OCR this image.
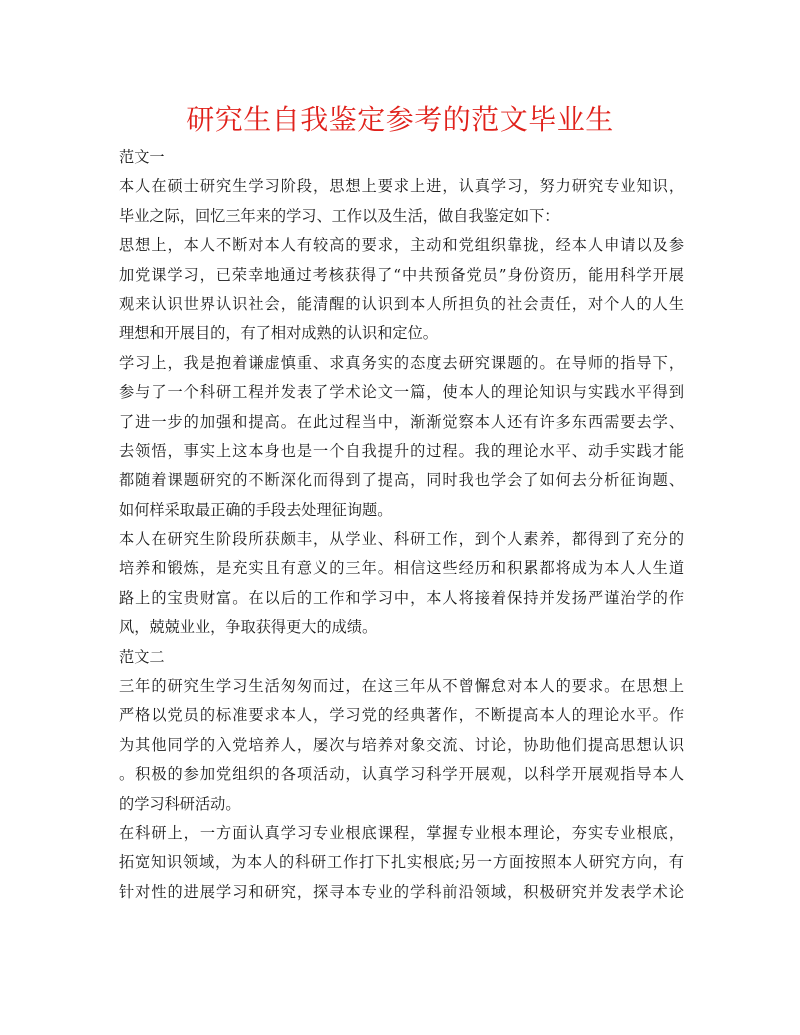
研究生自我鉴定参考的范文毕业生
范文一
本人在硕士研究生学习阶段，思想上要求上进，认真学习，努力研究专业知识，
毕业之际，回忆三年来的学习、工作以及生活，做自我鉴定如下：
思想上，本人不断对本人有较高的要求，主动和党组织靠拢，经本人申请以及参
加党课学习，已荣幸地通过考核获得了“中共预备党员”身份资历，能用科学开展
观来认识世界认识社会，能清醒的认识到本人所担负的社会责任，对个人的人生
理想和开展目的，有了相对成熟的认识和定位。
学习上，我是抱着谦虚慎重、求真务实的态度去研究课题的。在导师的指导下，
参与了一个科研工程并发表了学术论文一篇，使本人的理论知识与实践水平得到
了进一步的加强和提高。在此过程当中，渐渐觉察本人还有许多东西需要去学、
去领悟，事实上这本身也是一个自我提升的过程。我的理论水平、动手实践才能
都随着课题研究的不断深化而得到了提高，同时我也学会了如何去分析征询题、
如何样采取最正确的手段去处理征询题。
本人在研究生阶段所获颇丰，从学业、科研工作，到个人素养，都得到了充分的
培养和锻炼，是充实且有意义的三年。相信这些经历和积累都将成为本人人生道
路上的宝贵财富。在以后的工作和学习中，本人将接着保持并发扬严谨治学的作
风，兢兢业业，争取获得更大的成绩。
范文二
三年的研究生学习生活匆匆而过，在这三年从不曾懈怠对本人的要求。在思想上
严格以党员的标准要求本人，学习党的经典著作，不断提高本人的理论水平。作
为其他同学的入党培养人，屡次与培养对象交流、讨论，协助他们提高思想认识
。积极的参加党组织的各项活动，认真学习科学开展观，以科学开展观指导本人
的学习科研活动。
在科研上，一方面认真学习专业根底课程，掌握专业根本理论，夯实专业根底，
拓宽知识领域，为本人的科研工作打下扎实根底;另一方面按照本人研究方向，有
针对性的进展学习和研究，探寻本专业的学科前沿领域，积极研究并发表学术论
